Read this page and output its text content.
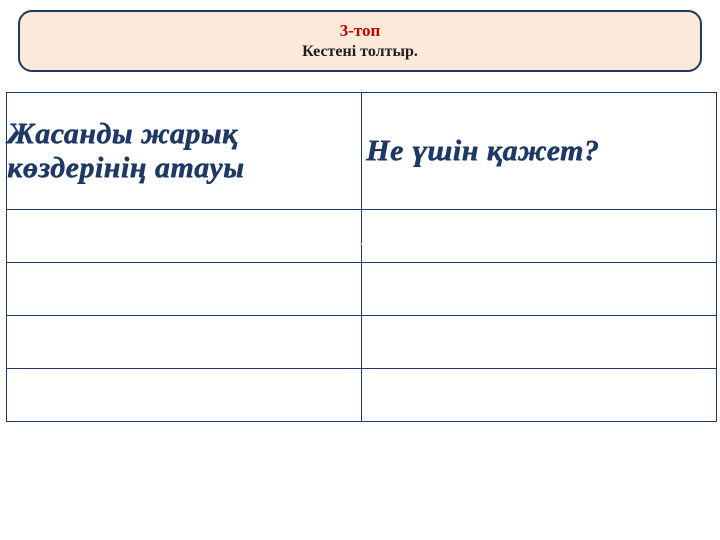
3-топ
Кестені толтыр.
Жасанды жарық
көздерінің атауы	Не үшін қажет?
